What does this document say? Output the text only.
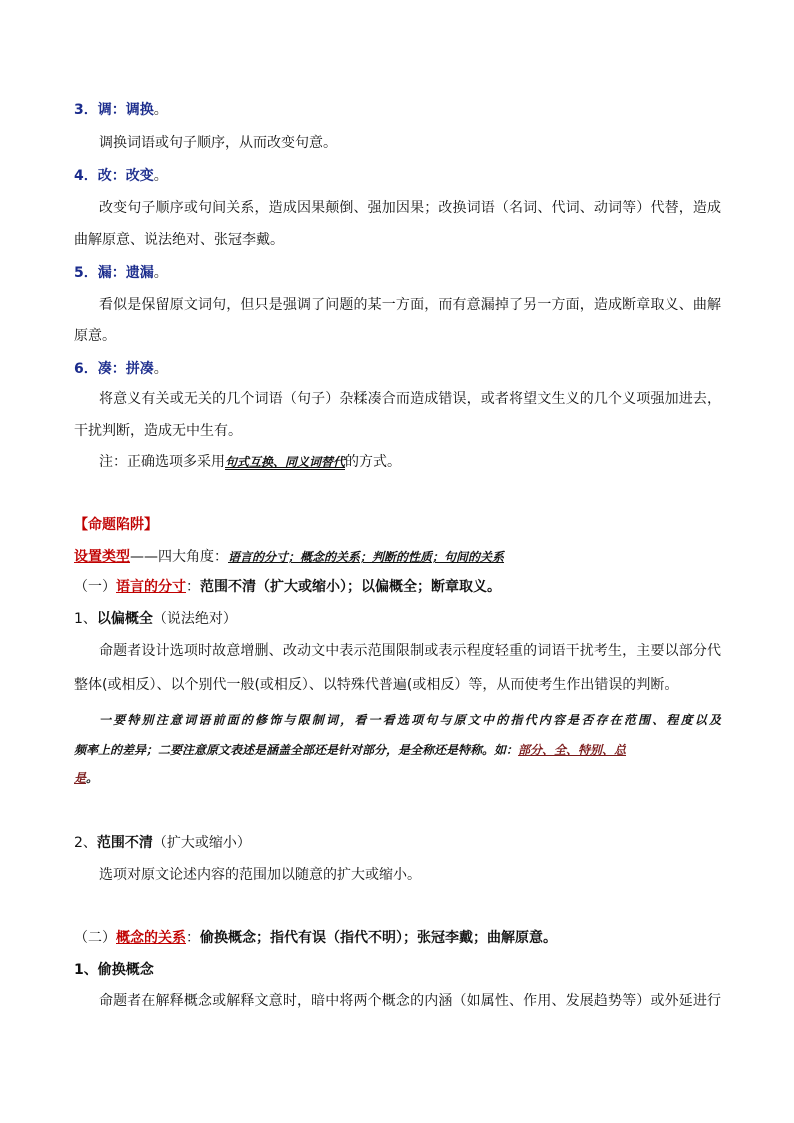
3．调：调换。
调换词语或句子顺序，从而改变句意。
4．改：改变。
改变句子顺序或句间关系，造成因果颠倒、强加因果；改换词语（名词、代词、动词等）代替，造成
曲解原意、说法绝对、张冠李戴。
5．漏：遗漏。
看似是保留原文词句，但只是强调了问题的某一方面，而有意漏掉了另一方面，造成断章取义、曲解
原意。
6．凑：拼凑。
将意义有关或无关的几个词语（句子）杂糅凑合而造成错误，或者将望文生义的几个义项强加进去，
干扰判断，造成无中生有。
注：正确选项多采用句式互换、同义词替代的方式。
【命题陷阱】
设置类型——四大角度：语言的分寸；概念的关系；判断的性质；句间的关系
（一）语言的分寸：范围不清（扩大或缩小）；以偏概全；断章取义。
1、以偏概全（说法绝对）
命题者设计选项时故意增删、改动文中表示范围限制或表示程度轻重的词语干扰考生，主要以部分代
整体(或相反）、以个别代一般(或相反）、以特殊代普遍(或相反）等，从而使考生作出错误的判断。
一要特别注意词语前面的修饰与限制词，看一看选项句与原文中的指代内容是否存在范围、程度以及
频率上的差异；二要注意原文表述是涵盖全部还是针对部分，是全称还是特称。如：部分、全、特别、总
是。
2、范围不清（扩大或缩小）
选项对原文论述内容的范围加以随意的扩大或缩小。
（二）概念的关系：偷换概念；指代有误（指代不明）；张冠李戴；曲解原意。
1、偷换概念
命题者在解释概念或解释文意时，暗中将两个概念的内涵（如属性、作用、发展趋势等）或外延进行
